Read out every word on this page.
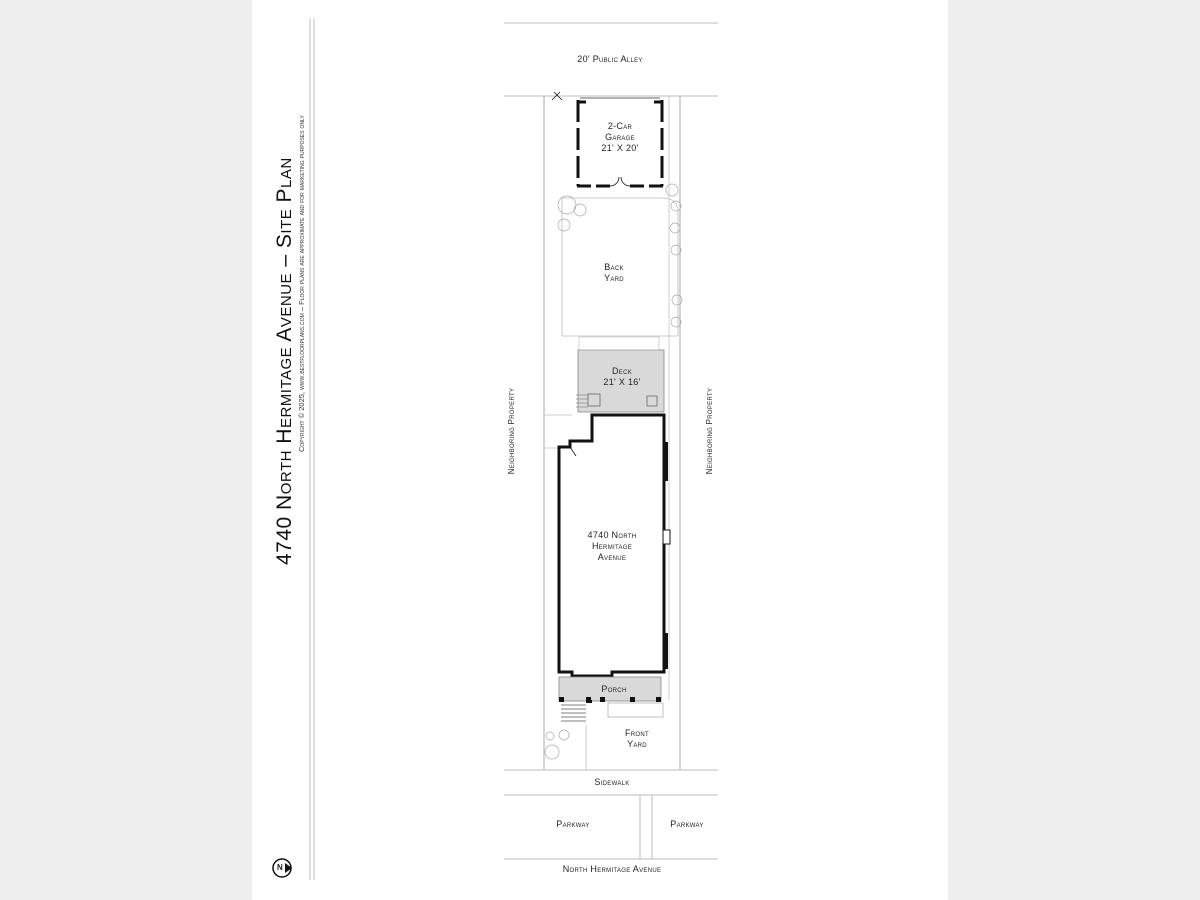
4740 North Hermitage Avenue – Site Plan Copyright © 2025, www.bestfloorplans.com – Floor plans are approximate and for marketing purposes only
20' Public Alley
2-Car
Garage
21' X 20'
Back
Yard
Deck
21' X 16'
4740 North
Hermitage
Avenue
Porch
Front
Yard
Sidewalk
Parkway	Parkway
North Hermitage Avenue
Neighboring Property	Neighboring Property
N
